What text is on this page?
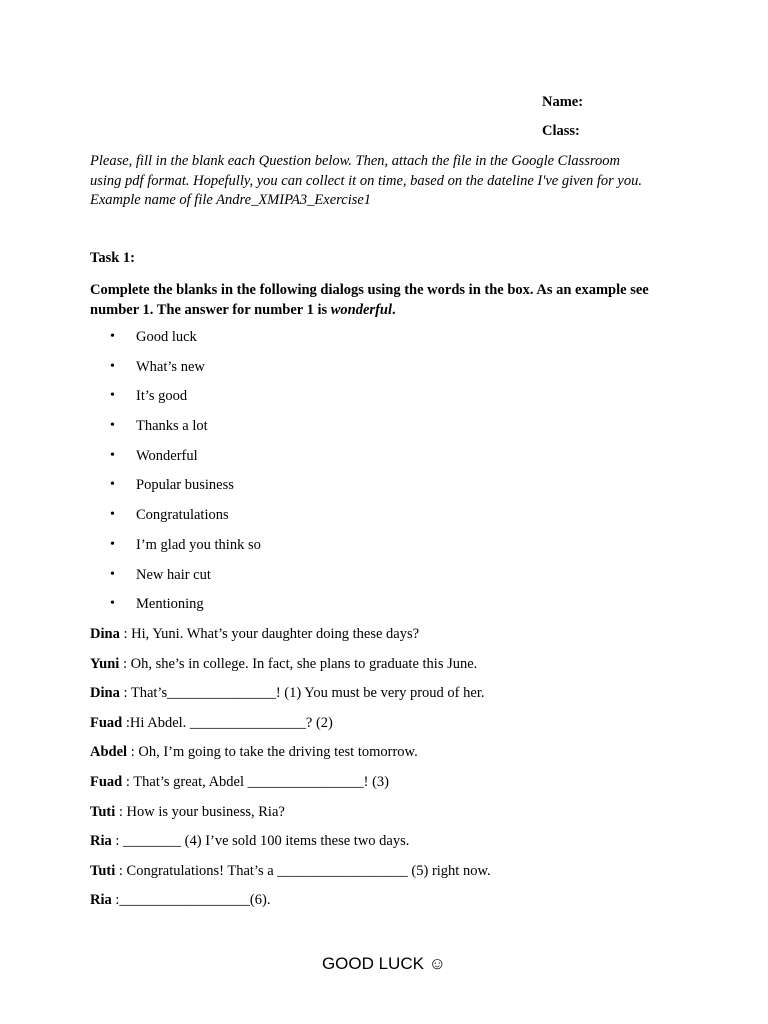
Name:
Class:
Please, fill in the blank each Question below. Then, attach the file in the Google Classroom using pdf format. Hopefully, you can collect it on time, based on the dateline I've given for you. Example name of file Andre_XMIPA3_Exercise1
Task 1:
Complete the blanks in the following dialogs using the words in the box. As an example see number 1. The answer for number 1 is wonderful.
• Good luck
• What’s new
• It’s good
• Thanks a lot
• Wonderful
• Popular business
• Congratulations
• I’m glad you think so
• New hair cut
• Mentioning
Dina : Hi, Yuni. What’s your daughter doing these days?
Yuni : Oh, she’s in college. In fact, she plans to graduate this June.
Dina : That’s_______________! (1) You must be very proud of her.
Fuad :Hi Abdel. ________________? (2)
Abdel : Oh, I’m going to take the driving test tomorrow.
Fuad : That’s great, Abdel ________________! (3)
Tuti : How is your business, Ria?
Ria : ________ (4) I’ve sold 100 items these two days.
Tuti : Congratulations! That’s a __________________ (5) right now.
Ria :__________________(6).
GOOD LUCK ☺
